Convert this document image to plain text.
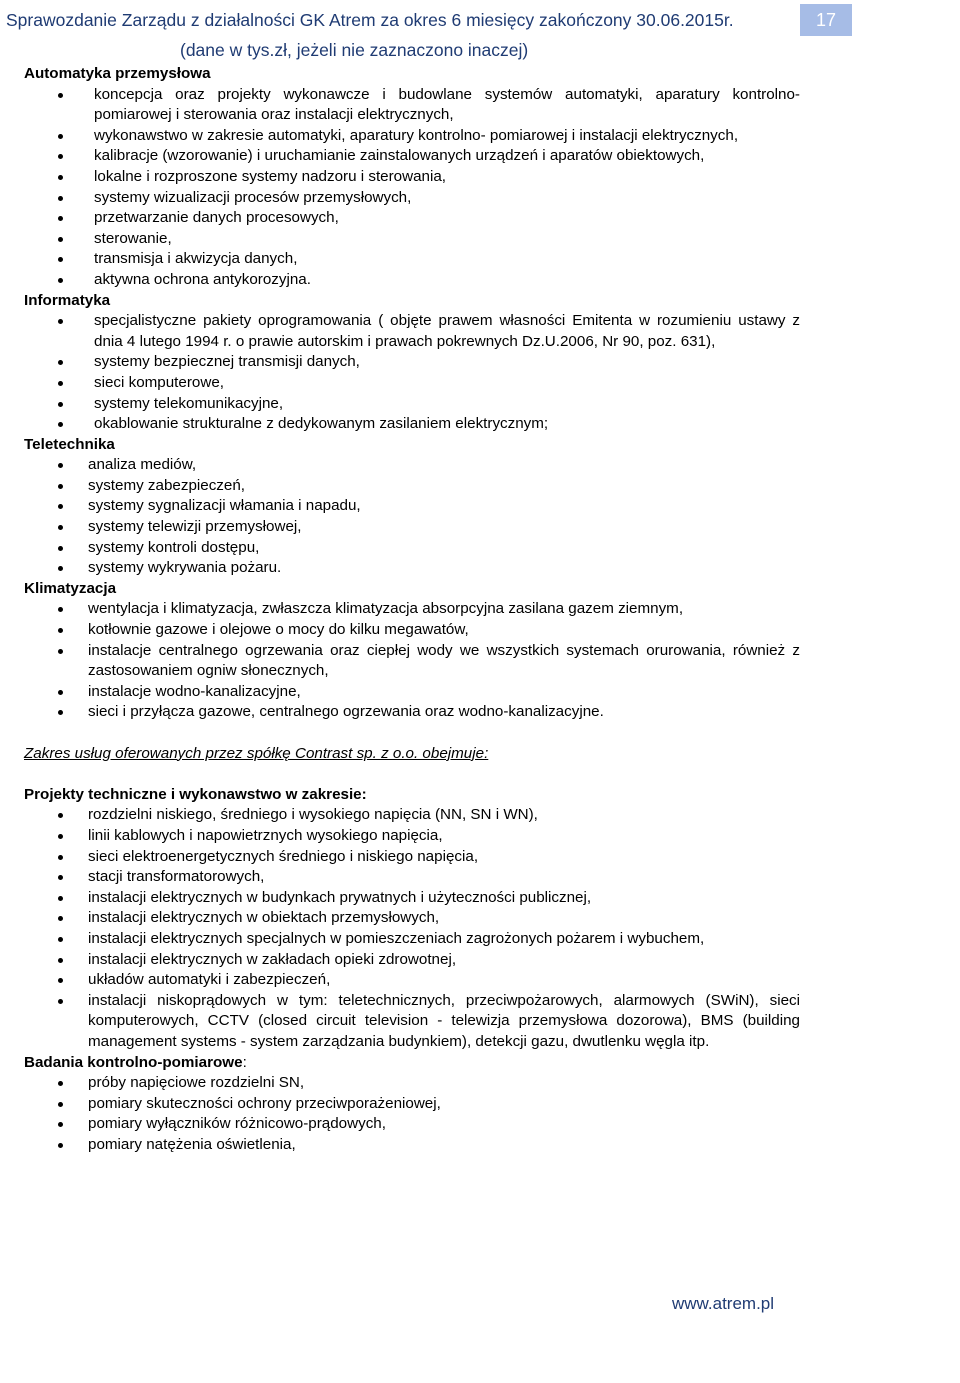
Sprawozdanie Zarządu z działalności GK Atrem za okres 6 miesięcy zakończony 30.06.2015r.
(dane w tys.zł, jeżeli nie zaznaczono inaczej)
17

Automatyka przemysłowa

koncepcja oraz projekty wykonawcze i budowlane systemów automatyki, aparatury kontrolno-pomiarowej i sterowania oraz instalacji elektrycznych,
wykonawstwo w zakresie automatyki, aparatury kontrolno- pomiarowej i instalacji elektrycznych,
kalibracje (wzorowanie) i uruchamianie zainstalowanych urządzeń i aparatów obiektowych,
lokalne i rozproszone systemy nadzoru i sterowania,
systemy wizualizacji procesów przemysłowych,
przetwarzanie danych procesowych,
sterowanie,
transmisja i akwizycja danych,
aktywna ochrona antykorozyjna.

Informatyka

specjalistyczne pakiety oprogramowania ( objęte prawem własności Emitenta w rozumieniu ustawy z dnia 4 lutego 1994 r. o prawie autorskim i prawach pokrewnych Dz.U.2006, Nr 90, poz. 631),
systemy bezpiecznej transmisji danych,
sieci komputerowe,
systemy telekomunikacyjne,
okablowanie strukturalne z dedykowanym zasilaniem elektrycznym;

Teletechnika

analiza mediów,
systemy zabezpieczeń,
systemy sygnalizacji włamania i napadu,
systemy telewizji przemysłowej,
systemy kontroli dostępu,
systemy wykrywania pożaru.

Klimatyzacja

wentylacja i klimatyzacja, zwłaszcza klimatyzacja absorpcyjna zasilana gazem ziemnym,
kotłownie gazowe i olejowe o mocy do kilku megawatów,
instalacje centralnego ogrzewania oraz ciepłej wody we wszystkich systemach orurowania, również z zastosowaniem ogniw słonecznych,
instalacje wodno-kanalizacyjne,
sieci i przyłącza gazowe, centralnego ogrzewania oraz wodno-kanalizacyjne.

Zakres usług oferowanych przez spółkę Contrast sp. z o.o. obejmuje:

Projekty techniczne i wykonawstwo w zakresie:

rozdzielni niskiego, średniego i wysokiego napięcia (NN, SN i WN),
linii kablowych i napowietrznych wysokiego napięcia,
sieci elektroenergetycznych średniego i niskiego napięcia,
stacji transformatorowych,
instalacji elektrycznych w budynkach prywatnych i użyteczności publicznej,
instalacji elektrycznych w obiektach przemysłowych,
instalacji elektrycznych specjalnych w pomieszczeniach zagrożonych pożarem i wybuchem,
instalacji elektrycznych w zakładach opieki zdrowotnej,
układów automatyki i zabezpieczeń,
instalacji niskoprądowych w tym: teletechnicznych, przeciwpożarowych, alarmowych (SWiN), sieci komputerowych, CCTV (closed circuit television - telewizja przemysłowa dozorowa), BMS (building management systems - system zarządzania budynkiem), detekcji gazu, dwutlenku węgla itp.

Badania kontrolno-pomiarowe:

próby napięciowe rozdzielni SN,
pomiary skuteczności ochrony przeciwporażeniowej,
pomiary wyłączników różnicowo-prądowych,
pomiary natężenia oświetlenia,
www.atrem.pl
